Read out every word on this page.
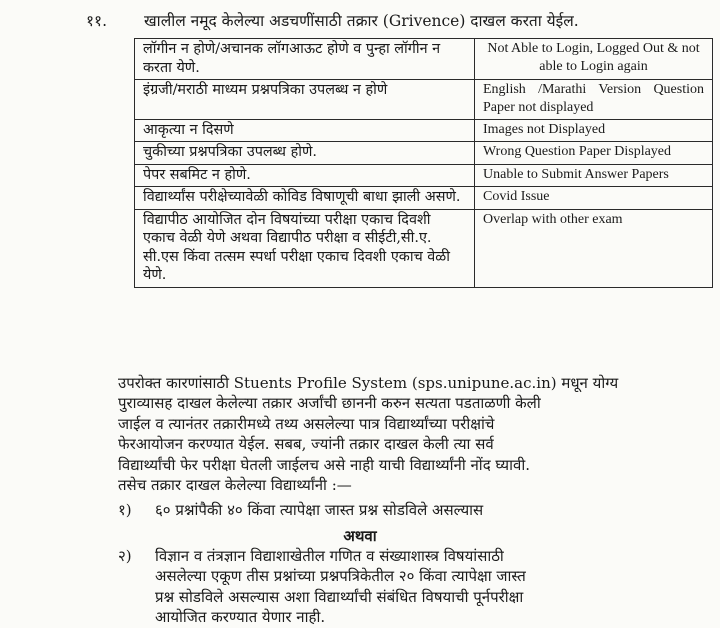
११. खालील नमूद केलेल्या अडचणींसाठी तक्रार (Grivence) दाखल करता येईल.
लॉगीन न होणे/अचानक लॉगआऊट होणे व पुन्हा लॉगीन न करता येणे.	Not Able to Login, Logged Out & not able to Login again
इंग्रजी/मराठी माध्यम प्रश्नपत्रिका उपलब्ध न होणे	English /Marathi Version Question Paper not displayed
आकृत्या न दिसणे	Images not Displayed
चुकीच्या प्रश्नपत्रिका उपलब्ध होणे.	Wrong Question Paper Displayed
पेपर सबमिट न होणे.	Unable to Submit Answer Papers
विद्यार्थ्यांस परीक्षेच्यावेळी कोविड विषाणूची बाधा झाली असणे.	Covid Issue
विद्यापीठ आयोजित दोन विषयांच्या परीक्षा एकाच दिवशी एकाच वेळी येणे अथवा विद्यापीठ परीक्षा व सीईटी,सी.ए. सी.एस किंवा तत्सम स्पर्धा परीक्षा एकाच दिवशी एकाच वेळी येणे.	Overlap with other exam
उपरोक्त कारणांसाठी Stuents Profile System (sps.unipune.ac.in) मधून योग्य
पुराव्यासह दाखल केलेल्या तक्रार अर्जांची छाननी करुन सत्यता पडताळणी केली
जाईल व त्यानंतर तक्रारीमध्ये तथ्य असलेल्या पात्र विद्यार्थ्यांच्या परीक्षांचे
फेरआयोजन करण्यात येईल. सबब, ज्यांनी तक्रार दाखल केली त्या सर्व
विद्यार्थ्यांची फेर परीक्षा घेतली जाईलच असे नाही याची विद्यार्थ्यांनी नोंद घ्यावी.
तसेच तक्रार दाखल केलेल्या विद्यार्थ्यांनी :—
१)	६० प्रश्नांपैकी ४० किंवा त्यापेक्षा जास्त प्रश्न सोडविले असल्यास
अथवा
२)	विज्ञान व तंत्रज्ञान विद्याशाखेतील गणित व संख्याशास्त्र विषयांसाठी
असलेल्या एकूण तीस प्रश्नांच्या प्रश्नपत्रिकेतील २० किंवा त्यापेक्षा जास्त
प्रश्न सोडविले असल्यास अशा विद्यार्थ्यांची संबंधित विषयाची पूर्नपरीक्षा
आयोजित करण्यात येणार नाही.
